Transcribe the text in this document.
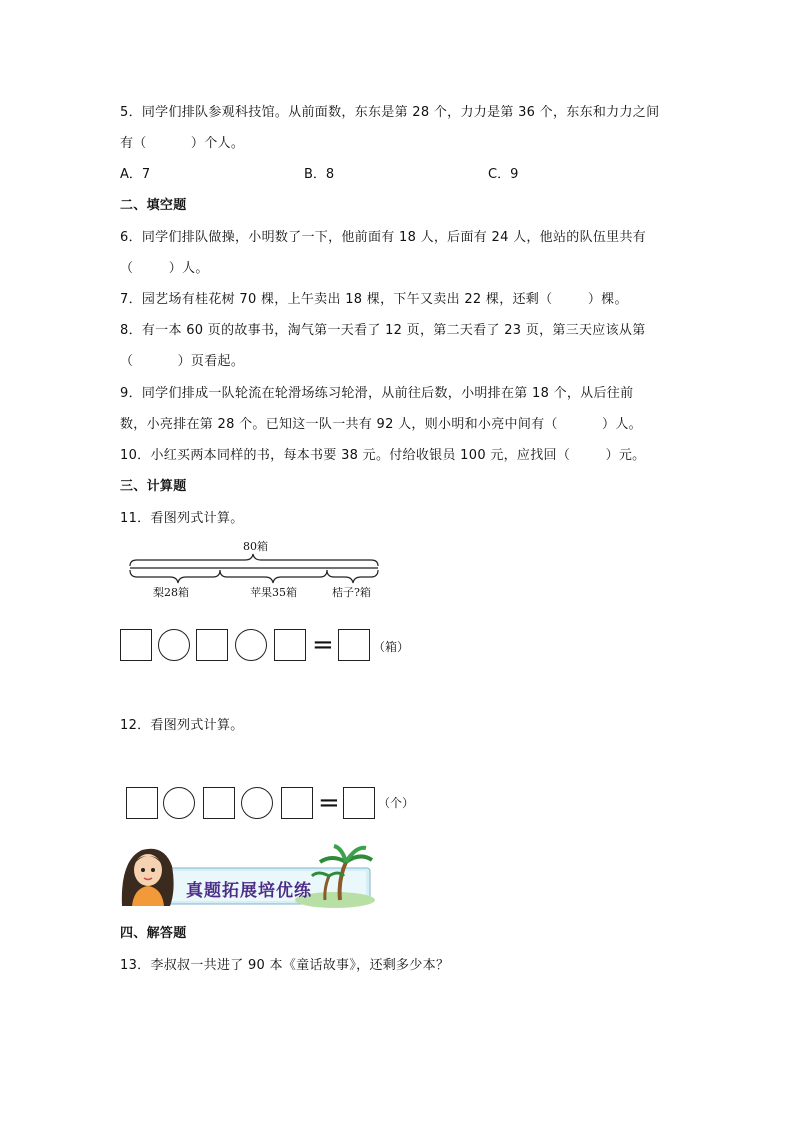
5．同学们排队参观科技馆。从前面数，东东是第 28 个，力力是第 36 个，东东和力力之间
有（          ）个人。
A．7	B．8	C．9
二、填空题
6．同学们排队做操，小明数了一下，他前面有 18 人，后面有 24 人，他站的队伍里共有
（        ）人。
7．园艺场有桂花树 70 棵，上午卖出 18 棵，下午又卖出 22 棵，还剩（        ）棵。
8．有一本 60 页的故事书，淘气第一天看了 12 页，第二天看了 23 页，第三天应该从第
（          ）页看起。
9．同学们排成一队轮流在轮滑场练习轮滑，从前往后数，小明排在第 18 个，从后往前
数，小亮排在第 28 个。已知这一队一共有 92 人，则小明和小亮中间有（          ）人。
10．小红买两本同样的书，每本书要 38 元。付给收银员 100 元，应找回（        ）元。
三、计算题
11．看图列式计算。
80箱
梨28箱	苹果35箱	桔子?箱
=	（箱）
12．看图列式计算。
=	（个）
真题拓展培优练
四、解答题
13．李叔叔一共进了 90 本《童话故事》，还剩多少本？
